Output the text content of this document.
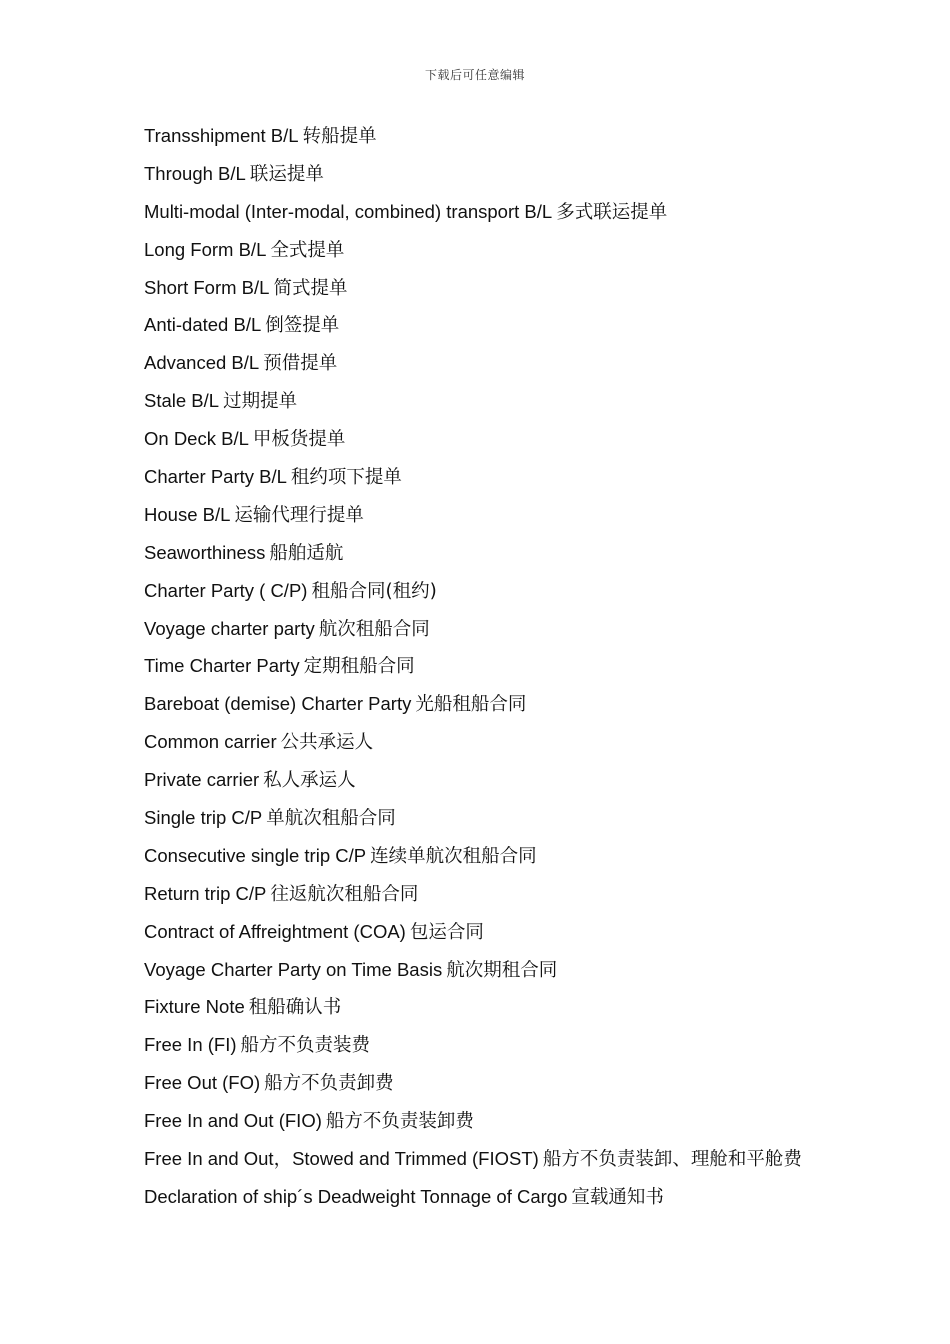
下载后可任意编辑
Transshipment B/L 转船提单
Through B/L 联运提单
Multi-modal (Inter-modal, combined) transport B/L 多式联运提单
Long Form B/L 全式提单
Short Form B/L 简式提单
Anti-dated B/L 倒签提单
Advanced B/L 预借提单
Stale B/L 过期提单
On Deck B/L 甲板货提单
Charter Party B/L 租约项下提单
House B/L 运输代理行提单
Seaworthiness 船舶适航
Charter Party ( C/P) 租船合同(租约)
Voyage charter party 航次租船合同
Time Charter Party 定期租船合同
Bareboat (demise) Charter Party 光船租船合同
Common carrier 公共承运人
Private carrier 私人承运人
Single trip C/P 单航次租船合同
Consecutive single trip C/P 连续单航次租船合同
Return trip C/P 往返航次租船合同
Contract of Affreightment (COA) 包运合同
Voyage Charter Party on Time Basis 航次期租合同
Fixture Note 租船确认书
Free In (FI) 船方不负责装费
Free Out (FO) 船方不负责卸费
Free In and Out (FIO) 船方不负责装卸费
Free In and Out，Stowed and Trimmed (FIOST) 船方不负责装卸、理舱和平舱费
Declaration of ship´s Deadweight Tonnage of Cargo 宣载通知书
